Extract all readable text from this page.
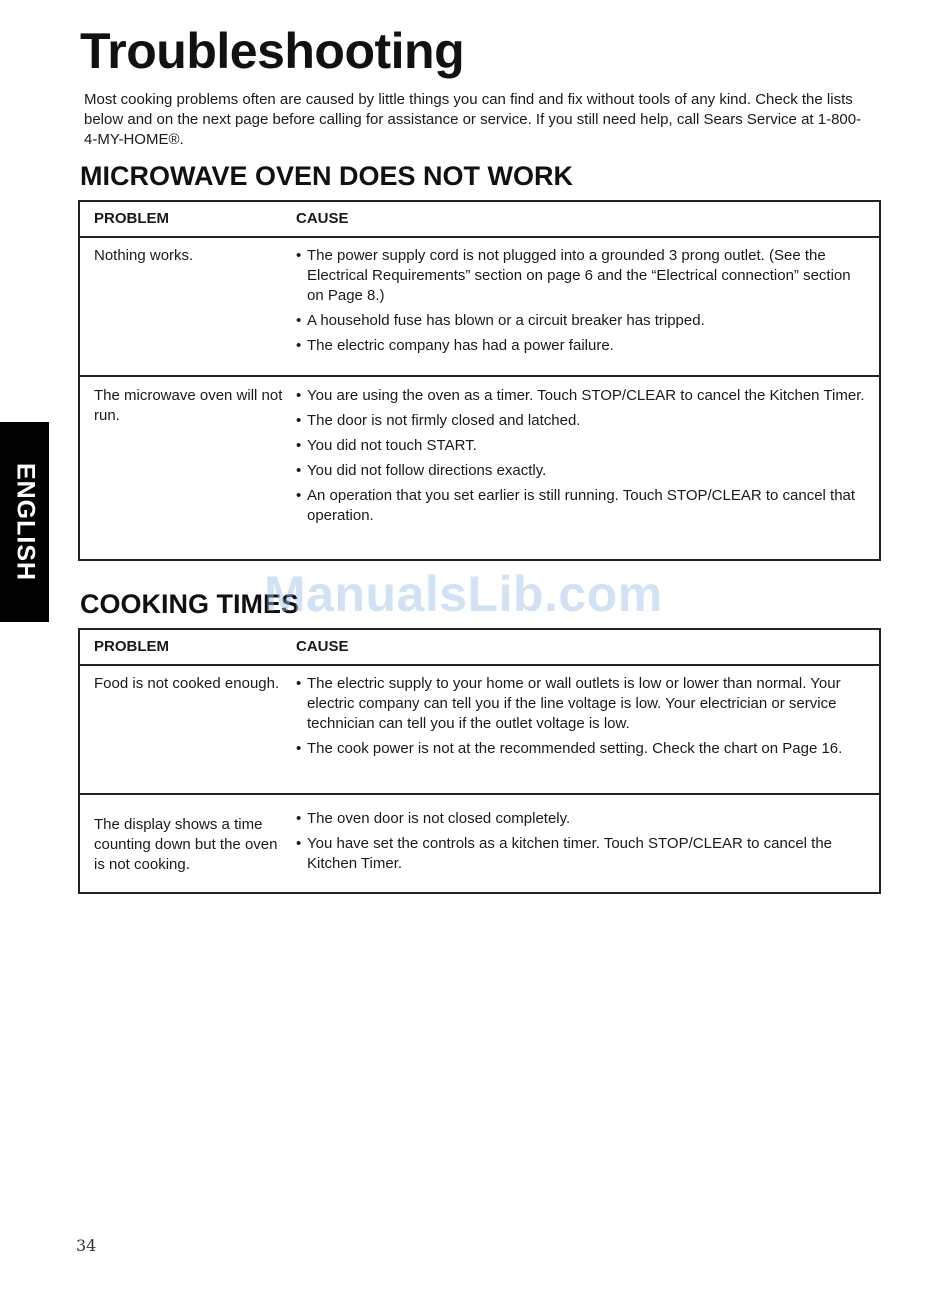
Troubleshooting

Most cooking problems often are caused by little things you can find and fix without tools of any kind. Check the lists below and on the next page before calling for assistance or service. If you still need help, call Sears Service at 1-800-4-MY-HOME®.

MICROWAVE OVEN DOES NOT WORK
PROBLEM	CAUSE
Nothing works.	• The power supply cord is not plugged into a grounded 3 prong outlet. (See the Electrical Requirements” section on page 6 and the “Electrical connection” section on Page 8.)
• A household fuse has blown or a circuit breaker has tripped.
• The electric company has had a power failure.
The microwave oven will not run.
• You are using the oven as a timer. Touch STOP/CLEAR to cancel the Kitchen Timer.
• The door is not firmly closed and latched.
• You did not touch START.
• You did not follow directions exactly.
• An operation that you set earlier is still running. Touch STOP/CLEAR to cancel that operation.
COOKING TIMES
PROBLEM	CAUSE
Food is not cooked enough.	• The electric supply to your home or wall outlets is low or lower than normal. Your electric company can tell you if the line voltage is low. Your electrician or service technician can tell you if the outlet voltage is low.
• The cook power is not at the recommended setting. Check the chart on Page 16.
The display shows a time counting down but the oven is not cooking.
• The oven door is not closed completely.
• You have set the controls as a kitchen timer. Touch STOP/CLEAR to cancel the Kitchen Timer.
ENGLISH
ManualsLib.com
34
